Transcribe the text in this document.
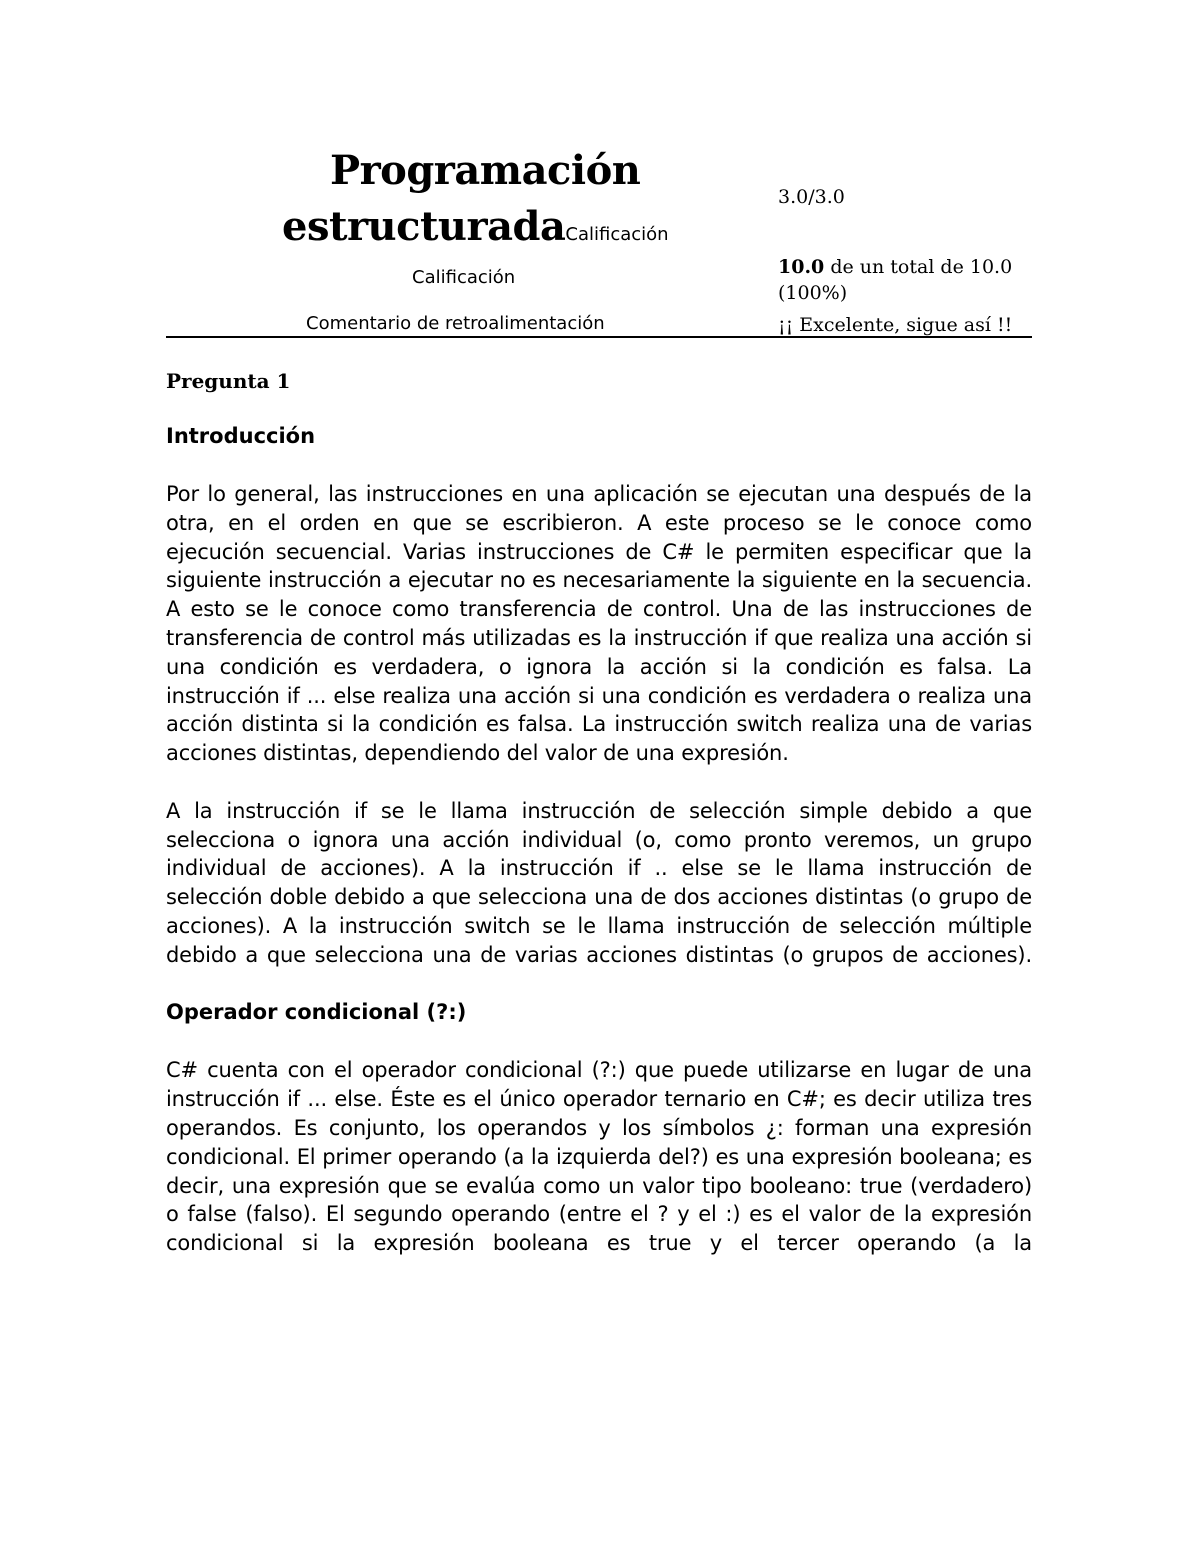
Programación
estructuradaCalificación
3.0/3.0
Calificación	10.0 de un total de 10.0
(100%)
Comentario de retroalimentación	¡¡ Excelente, sigue así !!
Pregunta 1
Introducción
Por lo general, las instrucciones en una aplicación se ejecutan una después de la otra, en el orden en que se escribieron. A este proceso se le conoce como ejecución secuencial. Varias instrucciones de C# le permiten especificar que la siguiente instrucción a ejecutar no es necesariamente la siguiente en la secuencia. A esto se le conoce como transferencia de control. Una de las instrucciones de transferencia de control más utilizadas es la instrucción if que realiza una acción si una condición es verdadera, o ignora la acción si la condición es falsa. La instrucción if ... else realiza una acción si una condición es verdadera o realiza una acción distinta si la condición es falsa. La instrucción switch realiza una de varias acciones distintas, dependiendo del valor de una expresión.
A la instrucción if se le llama instrucción de selección simple debido a que selecciona o ignora una acción individual (o, como pronto veremos, un grupo individual de acciones). A la instrucción if .. else se le llama instrucción de selección doble debido a que selecciona una de dos acciones distintas (o grupo de acciones). A la instrucción switch se le llama instrucción de selección múltiple debido a que selecciona una de varias acciones distintas (o grupos de acciones).
Operador condicional (?:)
C# cuenta con el operador condicional (?:) que puede utilizarse en lugar de una instrucción if ... else. Éste es el único operador ternario en C#; es decir utiliza tres operandos. Es conjunto, los operandos y los símbolos ¿: forman una expresión condicional. El primer operando (a la izquierda del?) es una expresión booleana; es decir, una expresión que se evalúa como un valor tipo booleano: true (verdadero) o false (falso). El segundo operando (entre el ? y el :) es el valor de la expresión condicional si la expresión booleana es true y el tercer operando (a la
